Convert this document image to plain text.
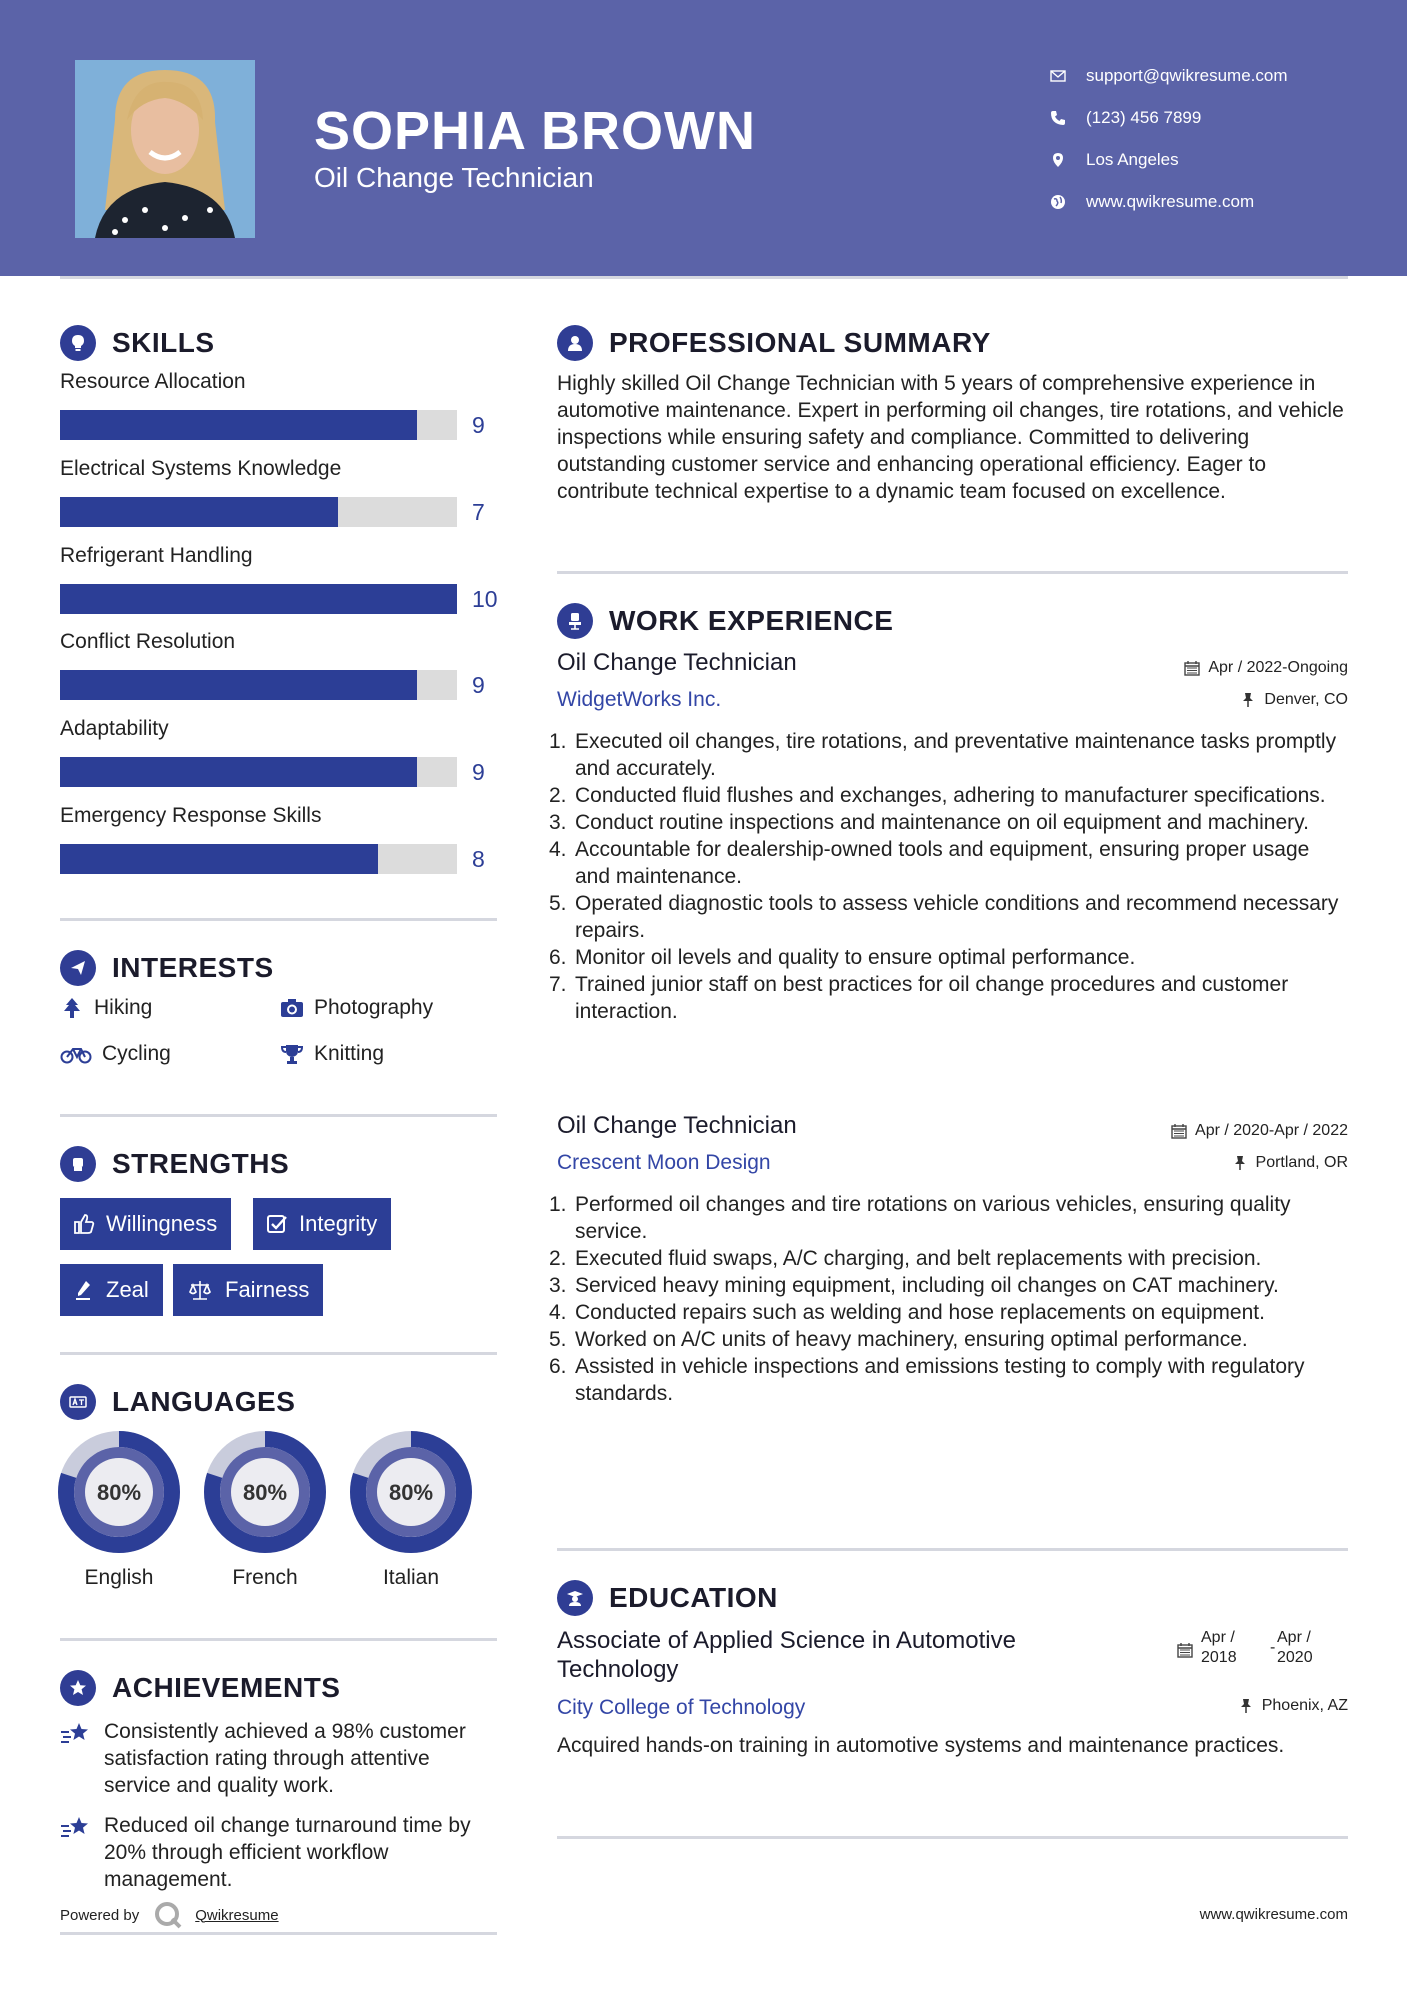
SOPHIA BROWN
Oil Change Technician
support@qwikresume.com
(123) 456 7899
Los Angeles
www.qwikresume.com
SKILLS
Resource Allocation
9
Electrical Systems Knowledge
7
Refrigerant Handling
10
Conflict Resolution
9
Adaptability
9
Emergency Response Skills
8
INTERESTS
Hiking	Photography
Cycling	Knitting
STRENGTHS
Willingness	Integrity
Zeal	Fairness
LANGUAGES
80%
English
80%
French
80%
Italian
ACHIEVEMENTS
Consistently achieved a 98% customer satisfaction rating through attentive service and quality work.
Reduced oil change turnaround time by 20% through efficient workflow management.
Powered by	Qwikresume	www.qwikresume.com
PROFESSIONAL SUMMARY
Highly skilled Oil Change Technician with 5 years of comprehensive experience in automotive maintenance. Expert in performing oil changes, tire rotations, and vehicle inspections while ensuring safety and compliance. Committed to delivering outstanding customer service and enhancing operational efficiency. Eager to contribute technical expertise to a dynamic team focused on excellence.
WORK EXPERIENCE
Oil Change Technician	Apr / 2022-Ongoing
WidgetWorks Inc.	Denver, CO
1. Executed oil changes, tire rotations, and preventative maintenance tasks promptly and accurately.
2. Conducted fluid flushes and exchanges, adhering to manufacturer specifications.
3. Conduct routine inspections and maintenance on oil equipment and machinery.
4. Accountable for dealership-owned tools and equipment, ensuring proper usage and maintenance.
5. Operated diagnostic tools to assess vehicle conditions and recommend necessary repairs.
6. Monitor oil levels and quality to ensure optimal performance.
7. Trained junior staff on best practices for oil change procedures and customer interaction.
Oil Change Technician	Apr / 2020-Apr / 2022
Crescent Moon Design	Portland, OR
1. Performed oil changes and tire rotations on various vehicles, ensuring quality service.
2. Executed fluid swaps, A/C charging, and belt replacements with precision.
3. Serviced heavy mining equipment, including oil changes on CAT machinery.
4. Conducted repairs such as welding and hose replacements on equipment.
5. Worked on A/C units of heavy machinery, ensuring optimal performance.
6. Assisted in vehicle inspections and emissions testing to comply with regulatory standards.
EDUCATION
Associate of Applied Science in Automotive Technology
Apr /
2018
-
Apr /
2020
City College of Technology	Phoenix, AZ
Acquired hands-on training in automotive systems and maintenance practices.
